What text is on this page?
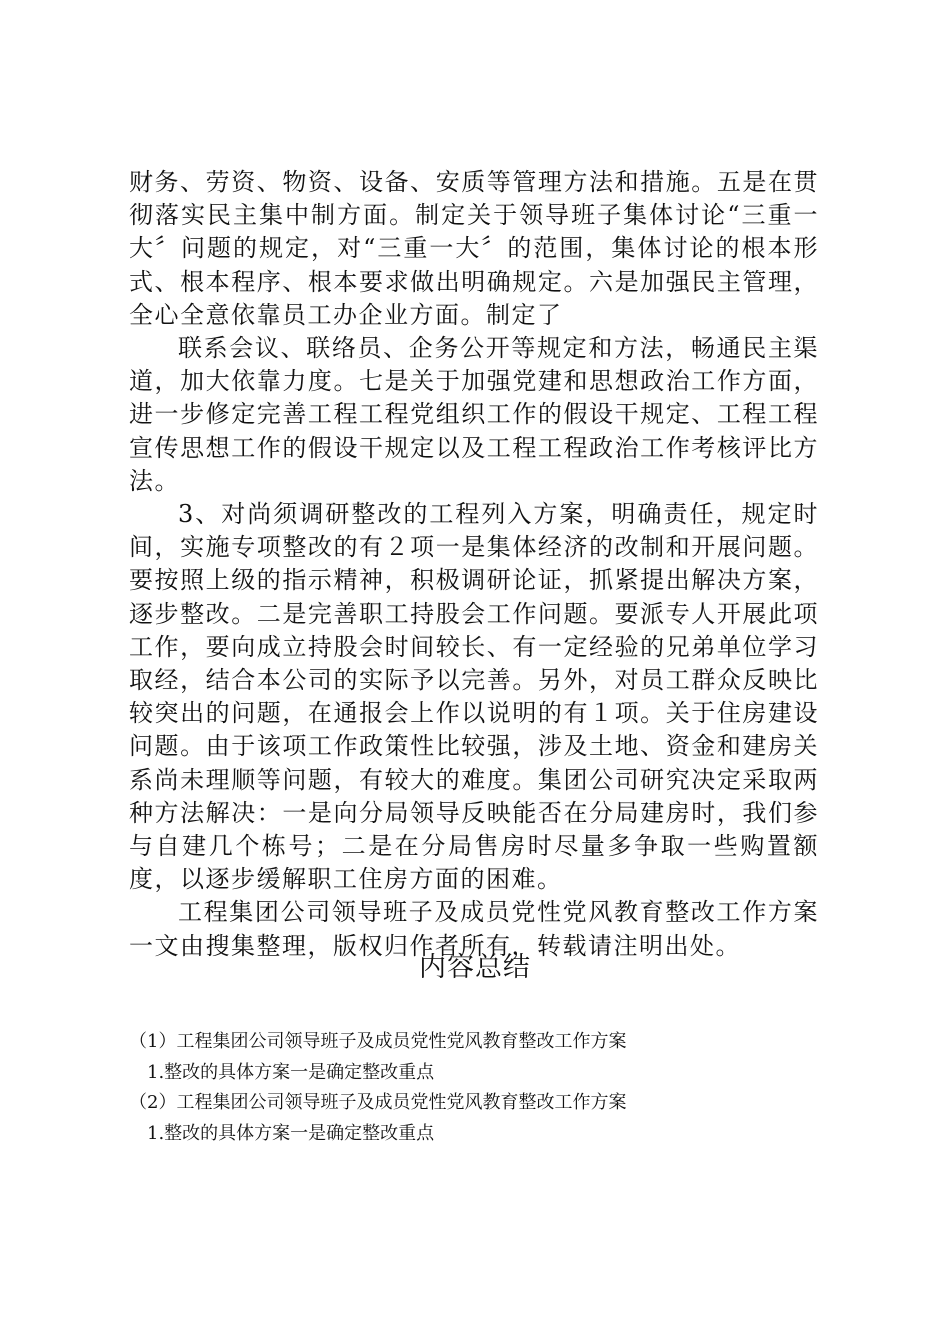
财务、劳资、物资、设备、安质等管理方法和措施。五是在贯彻落实民主集中制方面。制定关于领导班子集体讨论“三重一大〞问题的规定，对“三重一大〞的范围，集体讨论的根本形式、根本程序、根本要求做出明确规定。六是加强民主管理，全心全意依靠员工办企业方面。制定了

联系会议、联络员、企务公开等规定和方法，畅通民主渠道，加大依靠力度。七是关于加强党建和思想政治工作方面，进一步修定完善工程工程党组织工作的假设干规定、工程工程宣传思想工作的假设干规定以及工程工程政治工作考核评比方法。

3、对尚须调研整改的工程列入方案，明确责任，规定时间，实施专项整改的有２项一是集体经济的改制和开展问题。要按照上级的指示精神，积极调研论证，抓紧提出解决方案，逐步整改。二是完善职工持股会工作问题。要派专人开展此项工作，要向成立持股会时间较长、有一定经验的兄弟单位学习取经，结合本公司的实际予以完善。另外，对员工群众反映比较突出的问题，在通报会上作以说明的有１项。关于住房建设问题。由于该项工作政策性比较强，涉及土地、资金和建房关系尚未理顺等问题，有较大的难度。集团公司研究决定采取两种方法解决：一是向分局领导反映能否在分局建房时，我们参与自建几个栋号；二是在分局售房时尽量多争取一些购置额度，以逐步缓解职工住房方面的困难。

工程集团公司领导班子及成员党性党风教育整改工作方案一文由搜集整理，版权归作者所有，转载请注明出处。

内容总结
（1）工程集团公司领导班子及成员党性党风教育整改工作方案
1.整改的具体方案一是确定整改重点
（2）工程集团公司领导班子及成员党性党风教育整改工作方案
1.整改的具体方案一是确定整改重点
